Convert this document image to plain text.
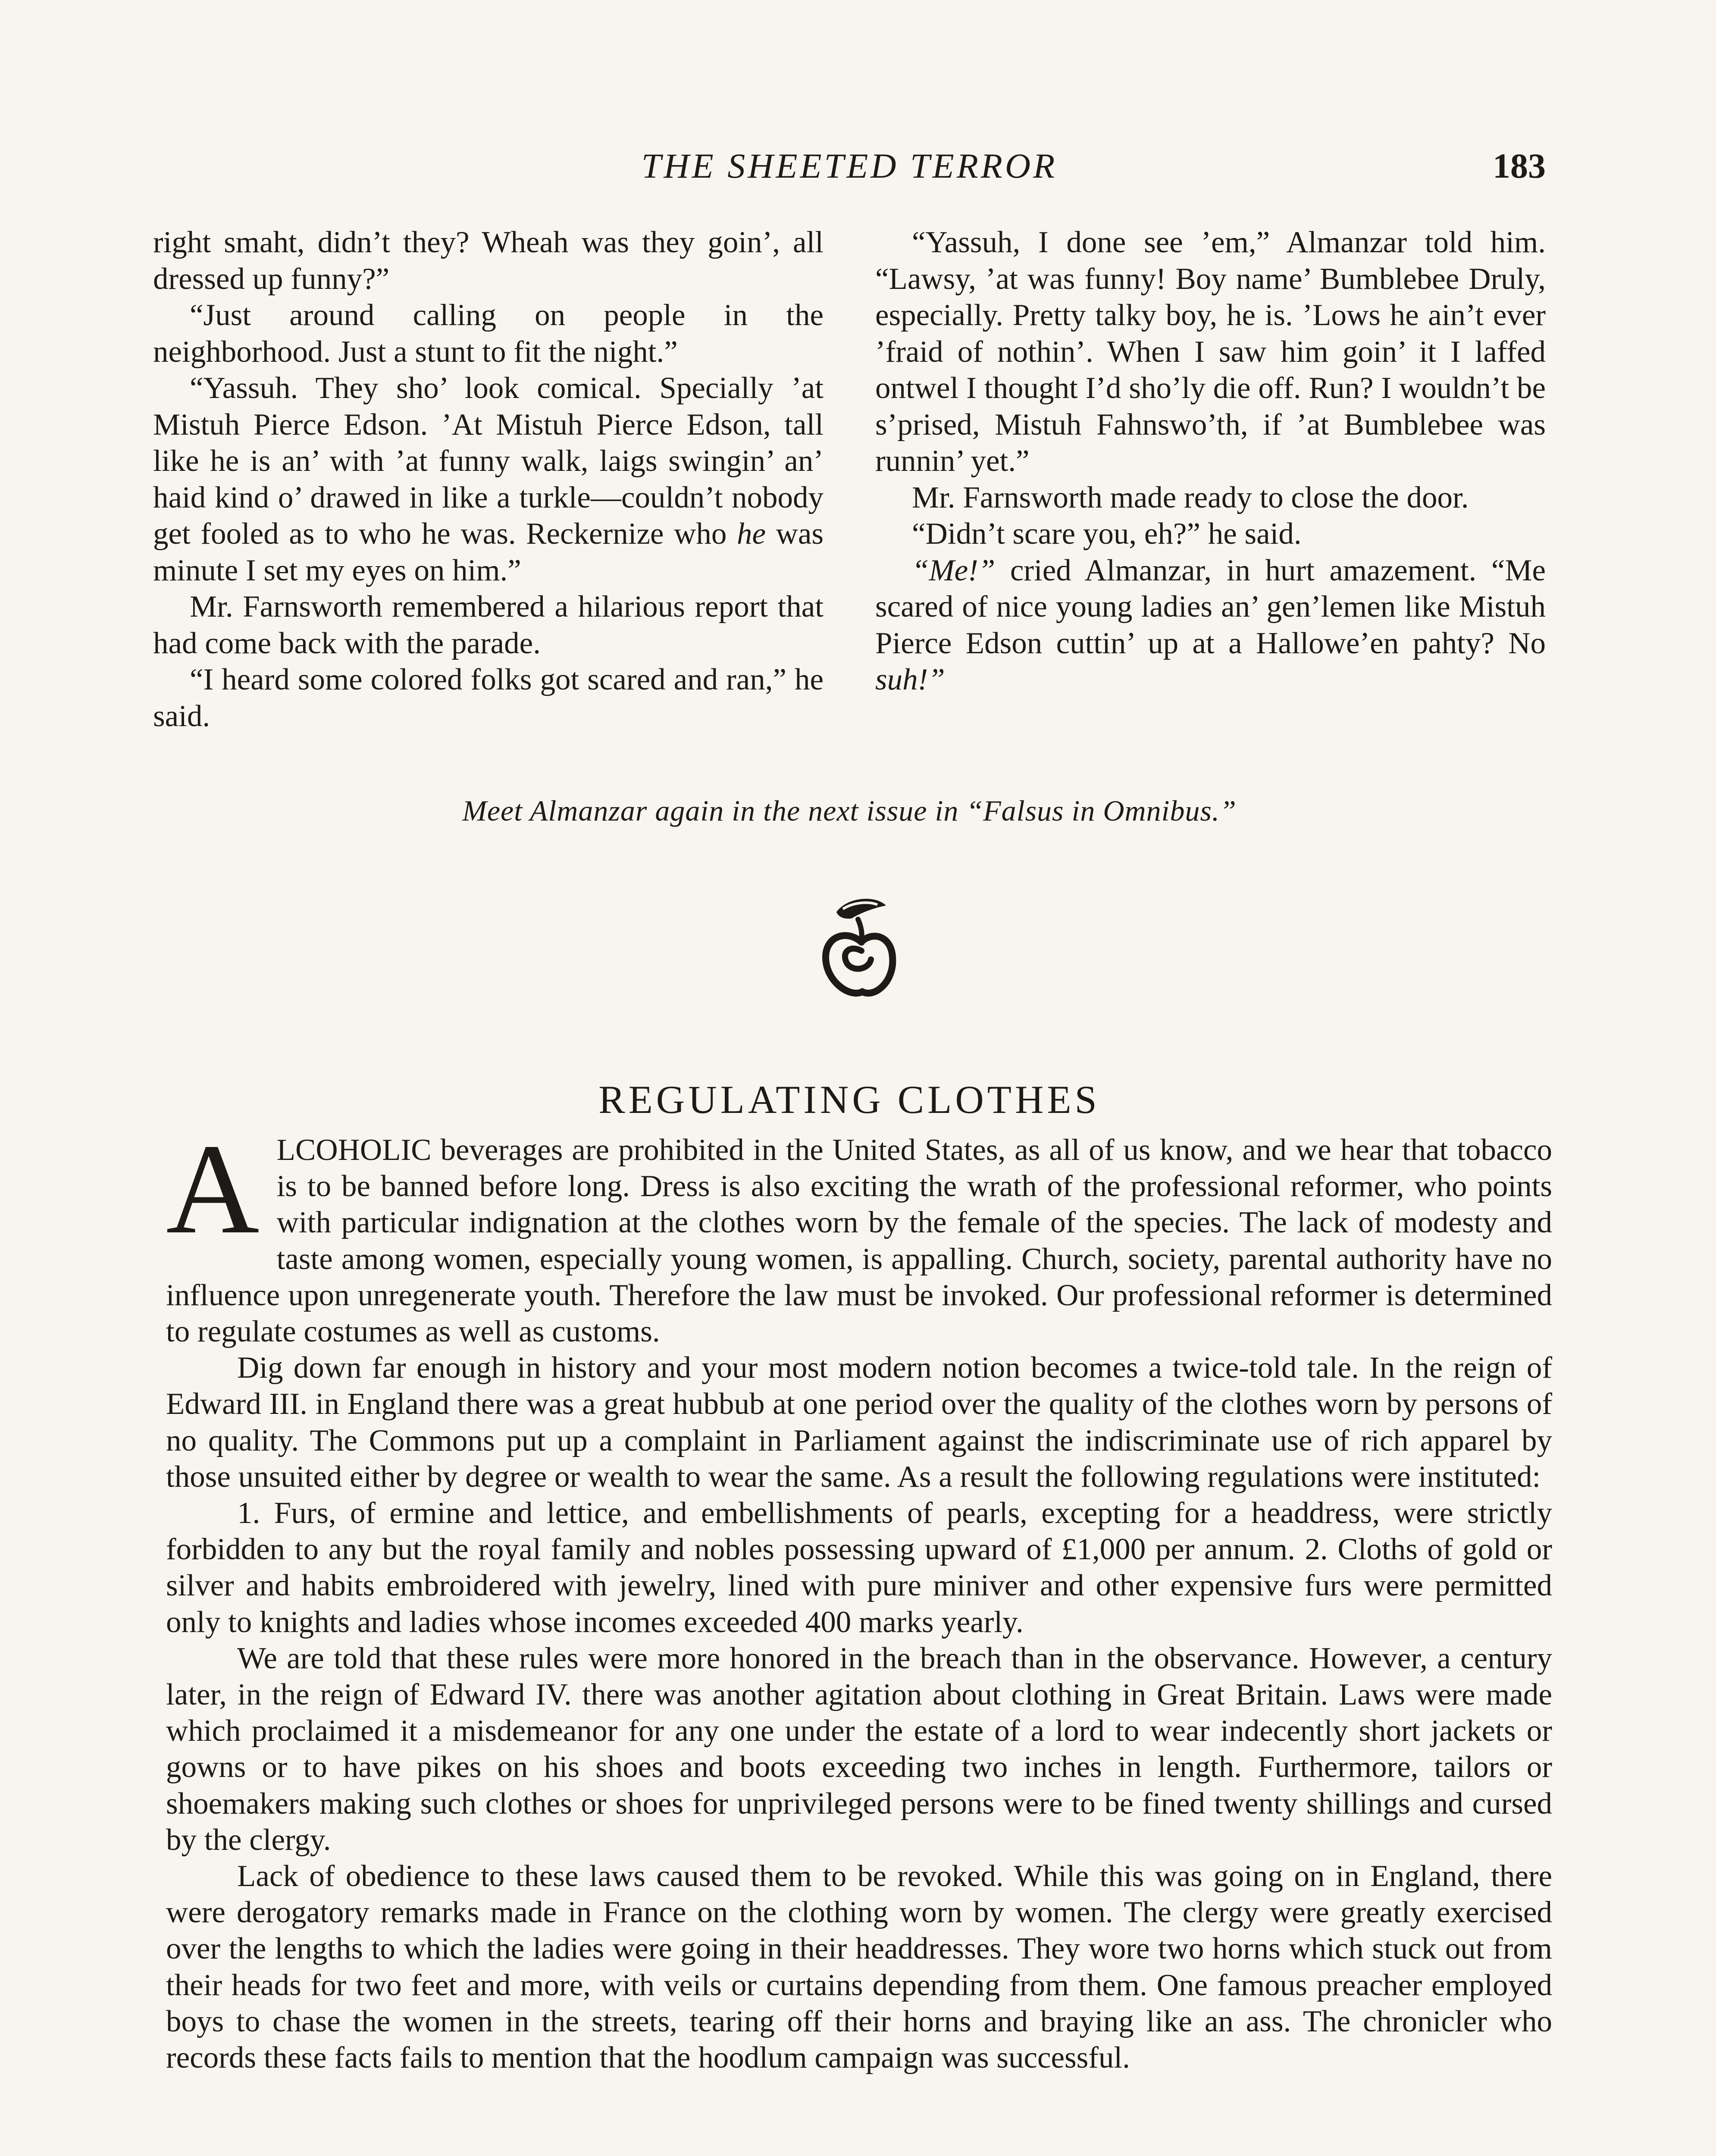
THE SHEETED TERROR	183

right smaht, didn’t they? Wheah was they goin’, all dressed up funny?”

“Just around calling on people in the neighborhood. Just a stunt to fit the night.”

“Yassuh. They sho’ look comical. Specially ’at Mistuh Pierce Edson. ’At Mistuh Pierce Edson, tall like he is an’ with ’at funny walk, laigs swingin’ an’ haid kind o’ drawed in like a turkle—couldn’t nobody get fooled as to who he was. Reckernize who he was minute I set my eyes on him.”

Mr. Farnsworth remembered a hilarious report that had come back with the parade.

“I heard some colored folks got scared and ran,” he said.

“Yassuh, I done see ’em,” Almanzar told him. “Lawsy, ’at was funny! Boy name’ Bumblebee Druly, especially. Pretty talky boy, he is. ’Lows he ain’t ever ’fraid of nothin’. When I saw him goin’ it I laffed ontwel I thought I’d sho’ly die off. Run? I wouldn’t be s’prised, Mistuh Fahnswo’th, if ’at Bumblebee was runnin’ yet.”

Mr. Farnsworth made ready to close the door.

“Didn’t scare you, eh?” he said.

“Me!” cried Almanzar, in hurt amazement. “Me scared of nice young ladies an’ gen’lemen like Mistuh Pierce Edson cuttin’ up at a Hallowe’en pahty? No suh!”

Meet Almanzar again in the next issue in “Falsus in Omnibus.”
REGULATING CLOTHES

ALCOHOLIC beverages are prohibited in the United States, as all of us know, and we hear that tobacco is to be banned before long. Dress is also exciting the wrath of the professional reformer, who points with particular indignation at the clothes worn by the female of the species. The lack of modesty and taste among women, especially young women, is appalling. Church, society, parental authority have no influence upon unregenerate youth. Therefore the law must be invoked. Our professional reformer is determined to regulate costumes as well as customs.

Dig down far enough in history and your most modern notion becomes a twice-told tale. In the reign of Edward III. in England there was a great hubbub at one period over the quality of the clothes worn by persons of no quality. The Commons put up a complaint in Parliament against the indiscriminate use of rich apparel by those unsuited either by degree or wealth to wear the same. As a result the following regulations were instituted:

1. Furs, of ermine and lettice, and embellishments of pearls, excepting for a headdress, were strictly forbidden to any but the royal family and nobles possessing upward of £1,000 per annum. 2. Cloths of gold or silver and habits embroidered with jewelry, lined with pure miniver and other expensive furs were permitted only to knights and ladies whose incomes exceeded 400 marks yearly.

We are told that these rules were more honored in the breach than in the observance. However, a century later, in the reign of Edward IV. there was another agitation about clothing in Great Britain. Laws were made which proclaimed it a misdemeanor for any one under the estate of a lord to wear indecently short jackets or gowns or to have pikes on his shoes and boots exceeding two inches in length. Furthermore, tailors or shoemakers making such clothes or shoes for unprivileged persons were to be fined twenty shillings and cursed by the clergy.

Lack of obedience to these laws caused them to be revoked. While this was going on in England, there were derogatory remarks made in France on the clothing worn by women. The clergy were greatly exercised over the lengths to which the ladies were going in their headdresses. They wore two horns which stuck out from their heads for two feet and more, with veils or curtains depending from them. One famous preacher employed boys to chase the women in the streets, tearing off their horns and braying like an ass. The chronicler who records these facts fails to mention that the hoodlum campaign was successful.
